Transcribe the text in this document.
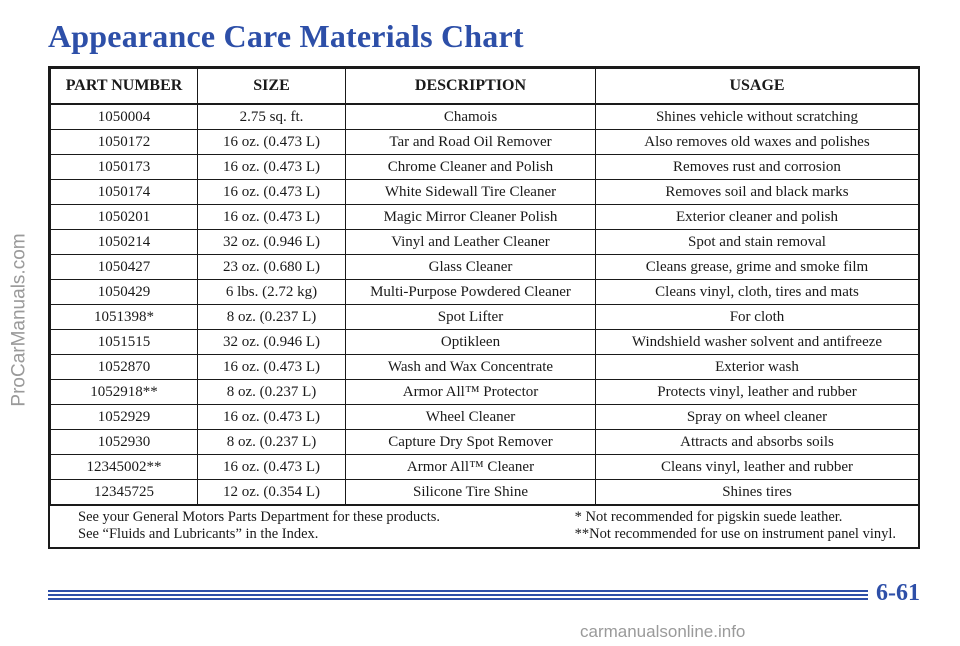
ProCarManuals.com
Appearance Care Materials Chart
PART NUMBER	SIZE	DESCRIPTION	USAGE
1050004	2.75 sq. ft.	Chamois	Shines vehicle without scratching
1050172	16 oz. (0.473 L)	Tar and Road Oil Remover	Also removes old waxes and polishes
1050173	16 oz. (0.473 L)	Chrome Cleaner and Polish	Removes rust and corrosion
1050174	16 oz. (0.473 L)	White Sidewall Tire Cleaner	Removes soil and black marks
1050201	16 oz. (0.473 L)	Magic Mirror Cleaner Polish	Exterior cleaner and polish
1050214	32 oz. (0.946 L)	Vinyl and Leather Cleaner	Spot and stain removal
1050427	23 oz. (0.680 L)	Glass Cleaner	Cleans grease, grime and smoke film
1050429	6 lbs. (2.72 kg)	Multi-Purpose Powdered Cleaner	Cleans vinyl, cloth, tires and mats
1051398*	8 oz. (0.237 L)	Spot Lifter	For cloth
1051515	32 oz. (0.946 L)	Optikleen	Windshield washer solvent and antifreeze
1052870	16 oz. (0.473 L)	Wash and Wax Concentrate	Exterior wash
1052918**	8 oz. (0.237 L)	Armor All™ Protector	Protects vinyl, leather and rubber
1052929	16 oz. (0.473 L)	Wheel Cleaner	Spray on wheel cleaner
1052930	8 oz. (0.237 L)	Capture Dry Spot Remover	Attracts and absorbs soils
12345002**	16 oz. (0.473 L)	Armor All™ Cleaner	Cleans vinyl, leather and rubber
12345725	12 oz. (0.354 L)	Silicone Tire Shine	Shines tires
See your General Motors Parts Department for these products.
See “Fluids and Lubricants” in the Index.
* Not recommended for pigskin suede leather.
**Not recommended for use on instrument panel vinyl.
6-61
carmanualsonline.info
